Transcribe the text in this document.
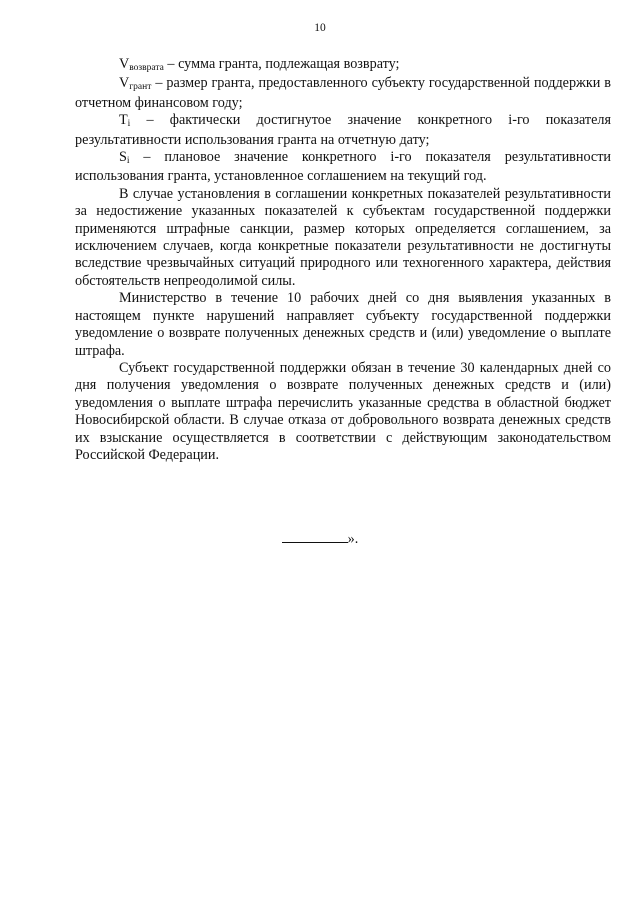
10

$V_{возврата}$ – сумма гранта, подлежащая возврату;

$V_{грант}$ – размер гранта, предоставленного субъекту государственной поддержки в отчетном финансовом году;

$T_i$ – фактически достигнутое значение конкретного i-го показателя результативности использования гранта на отчетную дату;

$S_i$ – плановое значение конкретного i-го показателя результативности использования гранта, установленное соглашением на текущий год.

В случае установления в соглашении конкретных показателей результативности за недостижение указанных показателей к субъектам государственной поддержки применяются штрафные санкции, размер которых определяется соглашением, за исключением случаев, когда конкретные показатели результативности не достигнуты вследствие чрезвычайных ситуаций природного или техногенного характера, действия обстоятельств непреодолимой силы.

Министерство в течение 10 рабочих дней со дня выявления указанных в настоящем пункте нарушений направляет субъекту государственной поддержки уведомление о возврате полученных денежных средств и (или) уведомление о выплате штрафа.

Субъект государственной поддержки обязан в течение 30 календарных дней со дня получения уведомления о возврате полученных денежных средств и (или) уведомления о выплате штрафа перечислить указанные средства в областной бюджет Новосибирской области. В случае отказа от добровольного возврата денежных средств их взыскание осуществляется в соответствии с действующим законодательством Российской Федерации.

».
